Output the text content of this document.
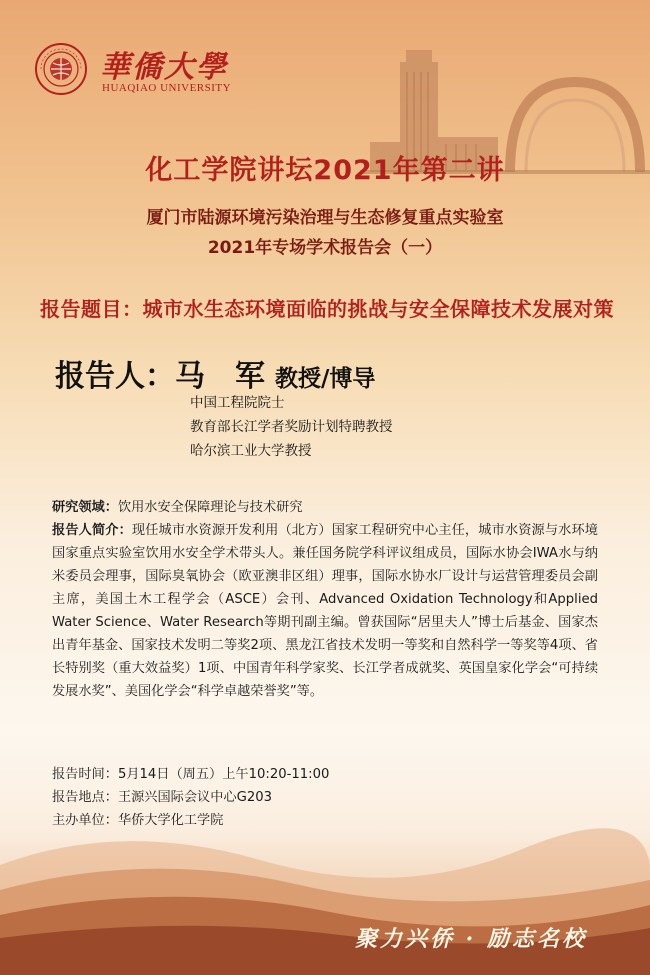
華僑大學
HUAQIAO UNIVERSITY
化工学院讲坛2021年第二讲
厦门市陆源环境污染治理与生态修复重点实验室
2021年专场学术报告会（一）
报告题目：城市水生态环境面临的挑战与安全保障技术发展对策
报告人：马　军 教授/博导
中国工程院院士
教育部长江学者奖励计划特聘教授
哈尔滨工业大学教授

研究领域：饮用水安全保障理论与技术研究

报告人简介：现任城市水资源开发利用（北方）国家工程研究中心主任，城市水资源与水环境国家重点实验室饮用水安全学术带头人。兼任国务院学科评议组成员，国际水协会IWA水与纳米委员会理事，国际臭氧协会（欧亚澳非区组）理事，国际水协水厂设计与运营管理委员会副主席，美国土木工程学会（ASCE）会刊、Advanced Oxidation Technology和Applied Water Science、Water Research等期刊副主编。曾获国际“居里夫人”博士后基金、国家杰出青年基金、国家技术发明二等奖2项、黑龙江省技术发明一等奖和自然科学一等奖等4项、省长特别奖（重大效益奖）1项、中国青年科学家奖、长江学者成就奖、英国皇家化学会“可持续发展水奖”、美国化学会“科学卓越荣誉奖”等。

报告时间：5月14日（周五）上午10:20-11:00
报告地点：王源兴国际会议中心G203
主办单位：华侨大学化工学院
聚力兴侨 · 励志名校
